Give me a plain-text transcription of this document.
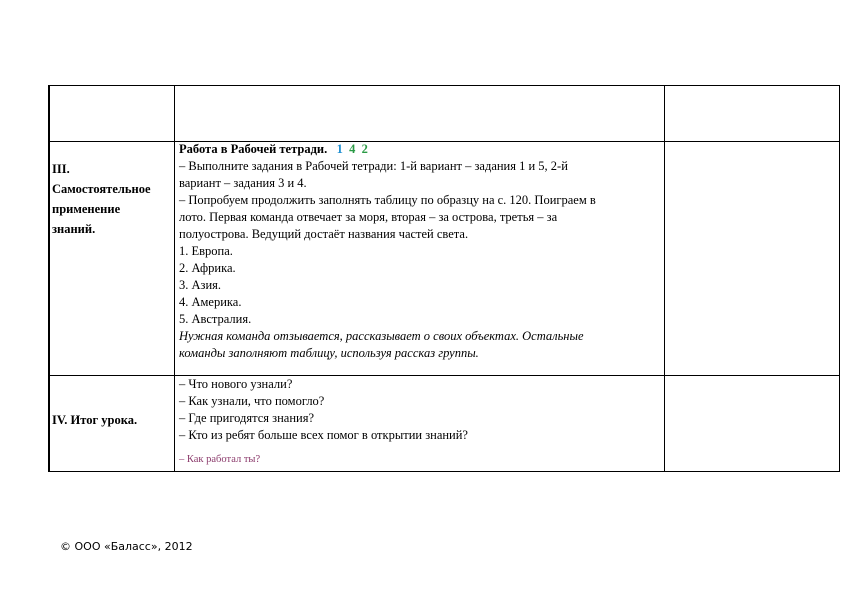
III.
Самостоятельное
применение
знаний.
Работа в Рабочей тетради. 1 4 2
– Выполните задания в Рабочей тетради: 1-й вариант – задания 1 и 5, 2-й
вариант – задания 3 и 4.
– Попробуем продолжить заполнять таблицу по образцу на с. 120. Поиграем в
лото. Первая команда отвечает за моря, вторая – за острова, третья – за
полуострова. Ведущий достаёт названия частей света.
1. Европа.
2. Африка.
3. Азия.
4. Америка.
5. Австралия.
Нужная команда отзывается, рассказывает о своих объектах. Остальные
команды заполняют таблицу, используя рассказ группы.
IV. Итог урока.
– Что нового узнали?
– Как узнали, что помогло?
– Где пригодятся знания?
– Кто из ребят больше всех помог в открытии знаний?
– Как работал ты?
© ООО «Баласс», 2012
